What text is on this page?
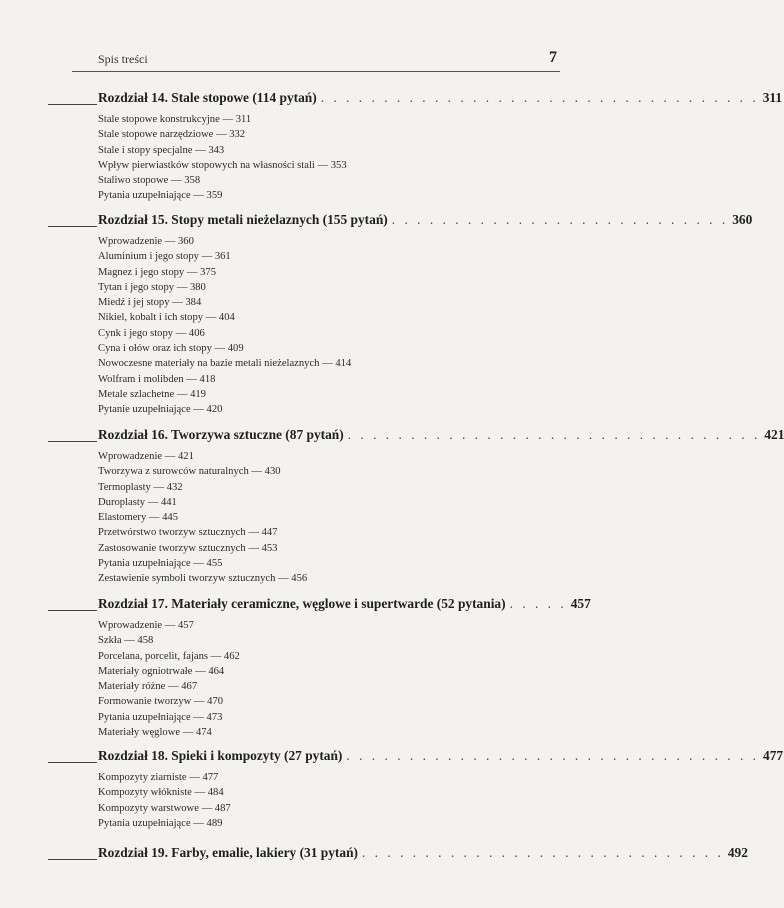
Spis treści	7
Rozdział 14. Stale stopowe (114 pytań) . . . . . . . . . . . . . . . . . . . . . . . . . . . . . . . . . . . 311
Stale stopowe konstrukcyjne — 311
Stale stopowe narzędziowe — 332
Stale i stopy specjalne — 343
Wpływ pierwiastków stopowych na własności stali — 353
Staliwo stopowe — 358
Pytania uzupełniające — 359
Rozdział 15. Stopy metali nieżelaznych (155 pytań) . . . . . . . . . . . . . . . . . . . . . . . . . . . 360
Wprowadzenie — 360
Aluminium i jego stopy — 361
Magnez i jego stopy — 375
Tytan i jego stopy — 380
Miedź i jej stopy — 384
Nikiel, kobalt i ich stopy — 404
Cynk i jego stopy — 406
Cyna i ołów oraz ich stopy — 409
Nowoczesne materiały na bazie metali nieżelaznych — 414
Wolfram i molibden — 418
Metale szlachetne — 419
Pytanie uzupełniające — 420
Rozdział 16. Tworzywa sztuczne (87 pytań) . . . . . . . . . . . . . . . . . . . . . . . . . . . . . . . . . 421
Wprowadzenie — 421
Tworzywa z surowców naturalnych — 430
Termoplasty — 432
Duroplasty — 441
Elastomery — 445
Przetwórstwo tworzyw sztucznych — 447
Zastosowanie tworzyw sztucznych — 453
Pytania uzupełniające — 455
Zestawienie symboli tworzyw sztucznych — 456
Rozdział 17. Materiały ceramiczne, węglowe i supertwarde (52 pytania) . . . . . 457
Wprowadzenie — 457
Szkła — 458
Porcelana, porcelit, fajans — 462
Materiały ogniotrwałe — 464
Materiały różne — 467
Formowanie tworzyw — 470
Pytania uzupełniające — 473
Materiały węglowe — 474
Rozdział 18. Spieki i kompozyty (27 pytań) . . . . . . . . . . . . . . . . . . . . . . . . . . . . . . . . . 477
Kompozyty ziarniste — 477
Kompozyty włókniste — 484
Kompozyty warstwowe — 487
Pytania uzupełniające — 489
Rozdział 19. Farby, emalie, lakiery (31 pytań) . . . . . . . . . . . . . . . . . . . . . . . . . . . . . 492
